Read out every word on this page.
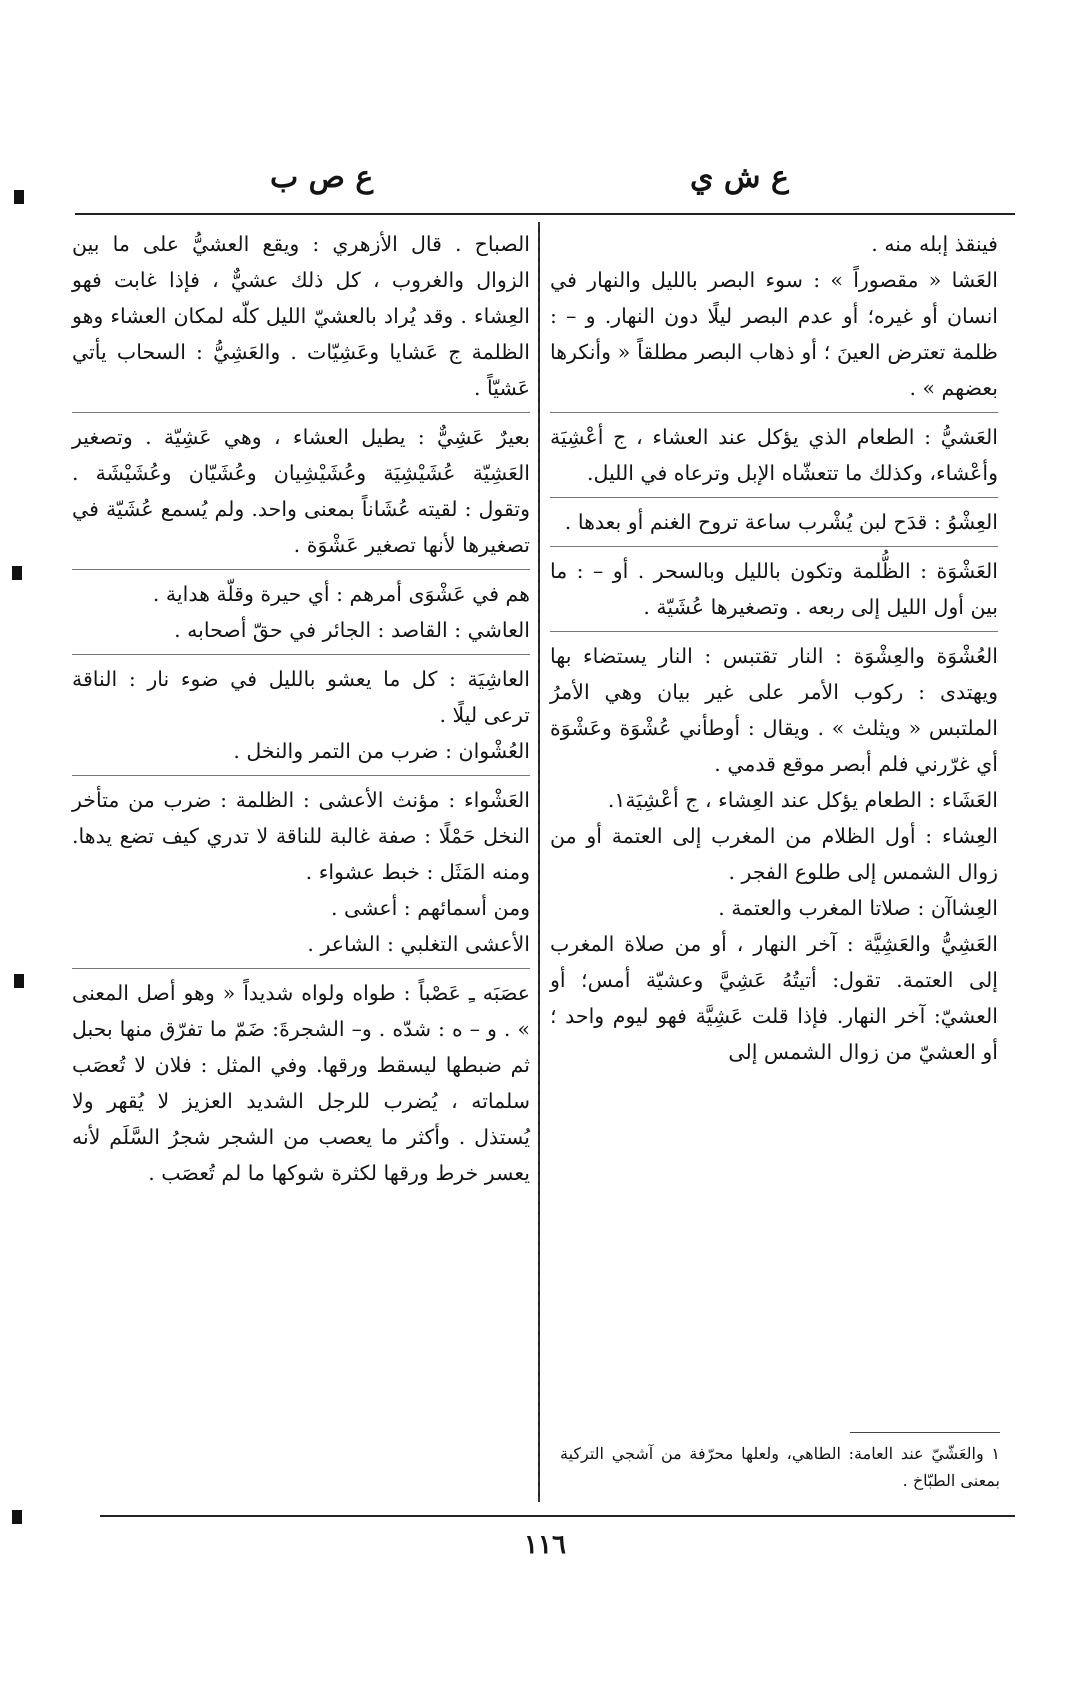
ع ش ي
ع ص ب

فينقذ إبله منه .

العَشا « مقصوراً » : سوء البصر بالليل والنهار في انسان أو غيره؛ أو عدم البصر ليلًا دون النهار. و – : ظلمة تعترض العينَ ؛ أو ذهاب البصر مطلقاً « وأنكرها بعضهم » .

العَشيُّ : الطعام الذي يؤكل عند العشاء ، ج أعْشِيَة وأعْشاء، وكذلك ما تتعشّاه الإبل وترعاه في الليل.

العِشْوُ : قدَح لبن يُشْرب ساعة تروح الغنم أو بعدها .

العَشْوَة : الظُّلمة وتكون بالليل وبالسحر . أو – : ما بين أول الليل إلى ربعه . وتصغيرها عُشَيّة .

العُشْوَة والعِشْوَة : النار تقتبس : النار يستضاء بها ويهتدى : ركوب الأمر على غير بيان وهي الأمرُ الملتبس « ويثلث » . ويقال : أوطأني عُشْوَة وعَشْوَة أي غرّرني فلم أبصر موقع قدمي .

العَشَاء : الطعام يؤكل عند العِشاء ، ج أعْشِيَة١.

العِشاء : أول الظلام من المغرب إلى العتمة أو من زوال الشمس إلى طلوع الفجر .

العِشاآن : صلاتا المغرب والعتمة .

العَشِيُّ والعَشِيَّة : آخر النهار ، أو من صلاة المغرب إلى العتمة. تقول: أتيتُهُ عَشِيَّ وعشيّة أمس؛ أو العشيّ: آخر النهار. فإذا قلت عَشِيَّة فهو ليوم واحد ؛ أو العشيّ من زوال الشمس إلى

١ والعَشّيّ عند العامة: الطاهي، ولعلها محرّفة من آشجي التركية بمعنى الطبّاخ .

الصباح . قال الأزهري : ويقع العشيُّ على ما بين الزوال والغروب ، كل ذلك عشيٌّ ، فإذا غابت فهو العِشاء . وقد يُراد بالعشيّ الليل كلّه لمكان العشاء وهو الظلمة ج عَشايا وعَشِيّات . والعَشِيُّ : السحاب يأتي عَشيّاً .

بعيرٌ عَشِيٌّ : يطيل العشاء ، وهي عَشِيّة . وتصغير العَشِيّة عُشَيْشِيَة وعُشَيْشِيان وعُشَيّان وعُشَيْشَة . وتقول : لقيته عُشَاناً بمعنى واحد. ولم يُسمع عُشَيّة في تصغيرها لأنها تصغير عَشْوَة .

هم في عَشْوَى أمرهم : أي حيرة وقلّة هداية .

العاشي : القاصد : الجائر في حقّ أصحابه .

العاشِيَة : كل ما يعشو بالليل في ضوء نار : الناقة ترعى ليلًا .

العُشْوان : ضرب من التمر والنخل .

العَشْواء : مؤنث الأعشى : الظلمة : ضرب من متأخر النخل حَمْلًا : صفة غالبة للناقة لا تدري كيف تضع يدها. ومنه المَثَل : خبط عشواء .

ومن أسمائهم : أعشى .

الأعشى التغلبي : الشاعر .

عصَبَه ـِ عَصْباً : طواه ولواه شديداً « وهو أصل المعنى » . و – ه : شدّه . و– الشجرةَ: ضَمّ ما تفرّق منها بحبل ثم ضبطها ليسقط ورقها. وفي المثل : فلان لا تُعصَب سلماته ، يُضرب للرجل الشديد العزيز لا يُقهر ولا يُستذل . وأكثر ما يعصب من الشجر شجرُ السَّلَم لأنه يعسر خرط ورقها لكثرة شوكها ما لم تُعصَب .

١١٦
